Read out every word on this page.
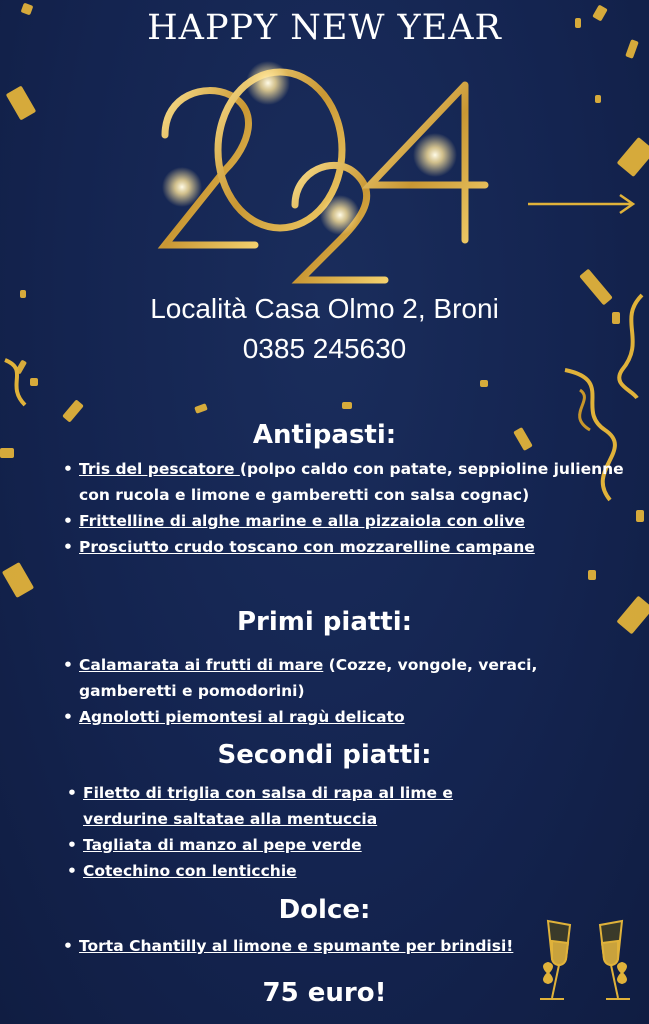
HAPPY NEW YEAR
Località Casa Olmo 2, Broni
0385 245630
Antipasti:
• Tris del pescatore (polpo caldo con patate, seppioline julienne con rucola e limone e gamberetti con salsa cognac)
• Frittelline di alghe marine e alla pizzaiola con olive
• Prosciutto crudo toscano con mozzarelline campane
Primi piatti:
• Calamarata ai frutti di mare (Cozze, vongole, veraci, gamberetti e pomodorini)
• Agnolotti piemontesi al ragù delicato
Secondi piatti:
• Filetto di triglia con salsa di rapa al lime e verdurine saltatae alla mentuccia
• Tagliata di manzo al pepe verde
• Cotechino con lenticchie
Dolce:
• Torta Chantilly al limone e spumante per brindisi!
75 euro!
